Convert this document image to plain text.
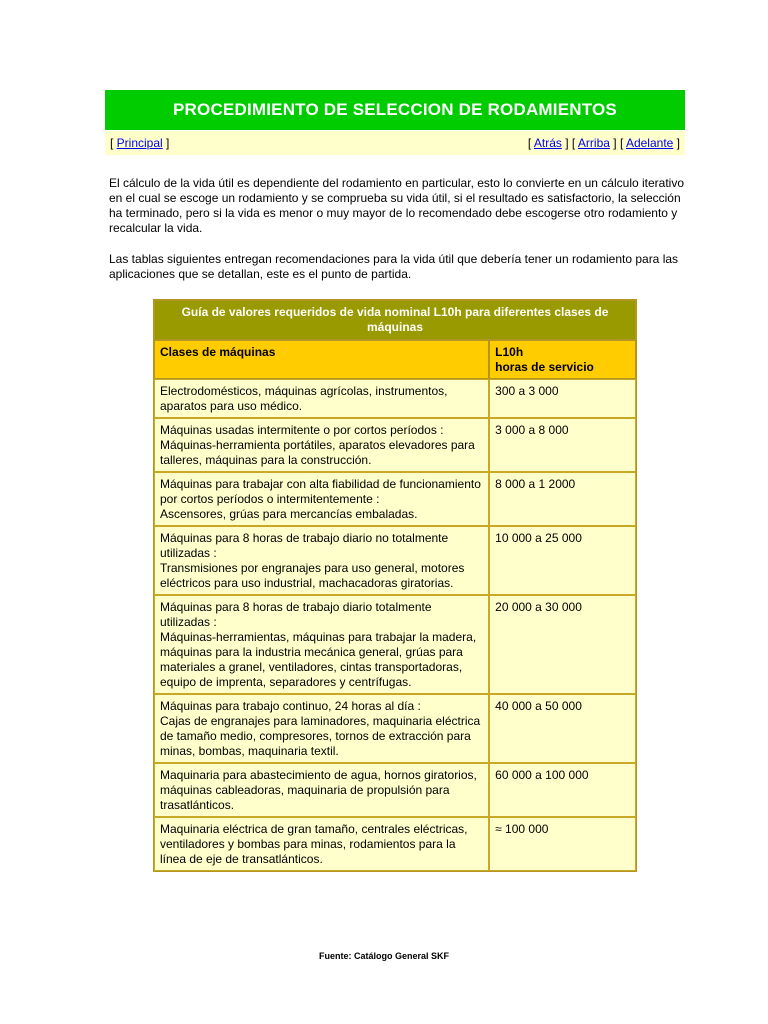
PROCEDIMIENTO DE SELECCION DE RODAMIENTOS
[ Principal ]	[ Atrás ] [ Arriba ] [ Adelante ]

El cálculo de la vida útil es dependiente del rodamiento en particular, esto lo convierte en un cálculo iterativo en el cual se escoge un rodamiento y se comprueba su vida útil, si el resultado es satisfactorio, la selección ha terminado, pero si la vida es menor o muy mayor de lo recomendado debe escogerse otro rodamiento y recalcular la vida.

Las tablas siguientes entregan recomendaciones para la vida útil que debería tener un rodamiento para las aplicaciones que se detallan, este es el punto de partida.

Guía de valores requeridos de vida nominal L10h para diferentes clases de máquinas	
Clases de máquinas	L10h
horas de servicio

Electrodomésticos, máquinas agrícolas, instrumentos, aparatos para uso médico.	300 a 3 000

Máquinas usadas intermitente o por cortos períodos :
Máquinas-herramienta portátiles, aparatos elevadores para talleres, máquinas para la construcción.	3 000 a 8 000

Máquinas para trabajar con alta fiabilidad de funcionamiento por cortos períodos o intermitentemente :
Ascensores, grúas para mercancías embaladas.	8 000 a 1 2000

Máquinas para 8 horas de trabajo diario no totalmente utilizadas :
Transmisiones por engranajes para uso general, motores eléctricos para uso industrial, machacadoras giratorias.	10 000 a 25 000

Máquinas para 8 horas de trabajo diario totalmente utilizadas :
Máquinas-herramientas, máquinas para trabajar la madera, máquinas para la industria mecánica general, grúas para materiales a granel, ventiladores, cintas transportadoras, equipo de imprenta, separadores y centrífugas.	20 000 a 30 000

Máquinas para trabajo continuo, 24 horas al día :
Cajas de engranajes para laminadores, maquinaria eléctrica de tamaño medio, compresores, tornos de extracción para minas, bombas, maquinaria textil.	40 000 a 50 000

Maquinaria para abastecimiento de agua, hornos giratorios, máquinas cableadoras, maquinaria de propulsión para trasatlánticos.	60 000 a 100 000

Maquinaria eléctrica de gran tamaño, centrales eléctricas, ventiladores y bombas para minas, rodamientos para la línea de eje de transatlánticos.	≈ 100 000
Fuente: Catálogo General SKF
